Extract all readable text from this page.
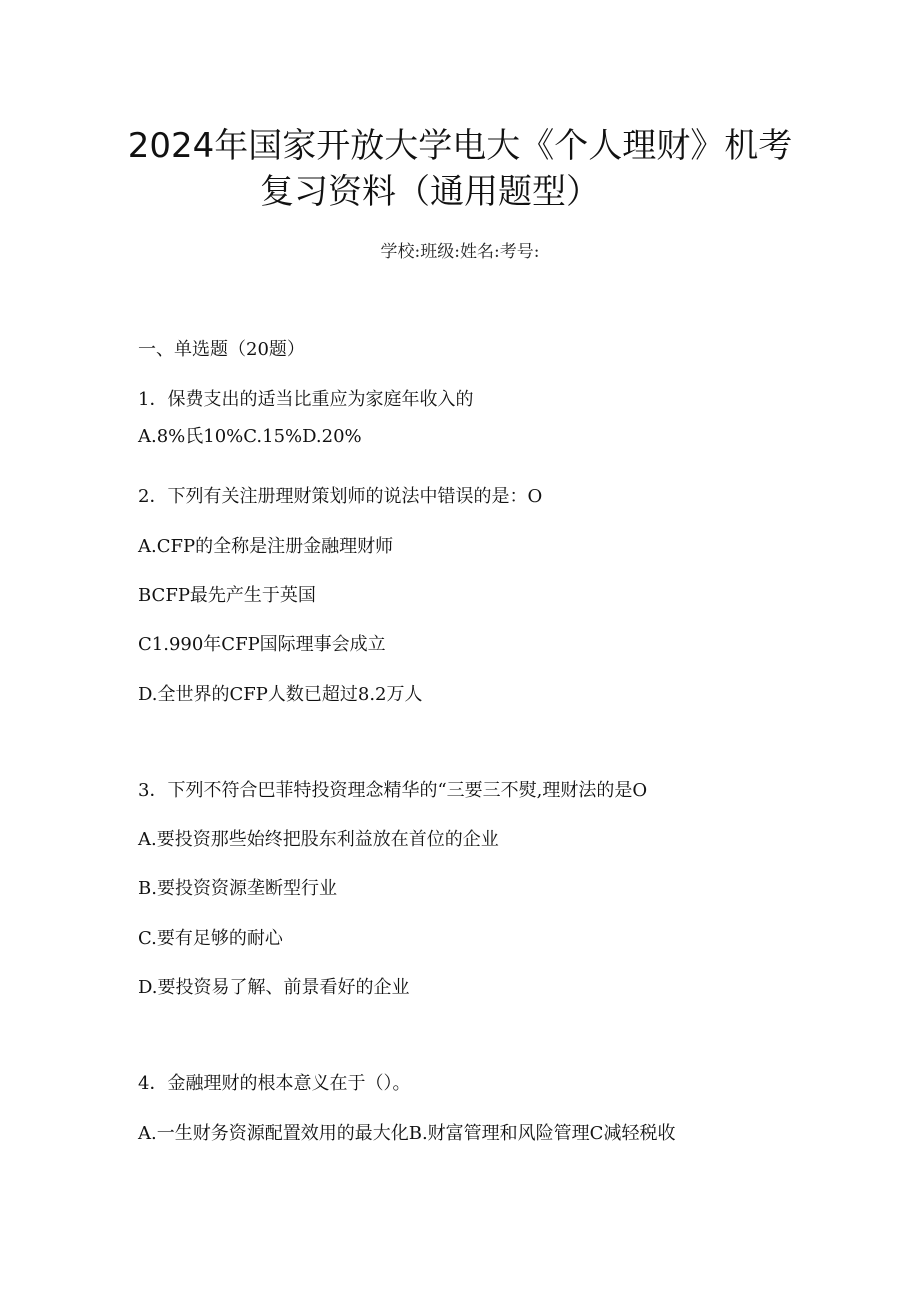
2024年国家开放大学电大《个人理财》机考
复习资料（通用题型）
学校:班级:姓名:考号:
一、单选题（20题）
1．保费支出的适当比重应为家庭年收入的
A.8%氏10%C.15%D.20%
2．下列有关注册理财策划师的说法中错误的是：O
A.CFP的全称是注册金融理财师
BCFP最先产生于英国
C1.990年CFP国际理事会成立
D.全世界的CFP人数已超过8.2万人
3．下列不符合巴菲特投资理念精华的“三要三不熨,理财法的是O
A.要投资那些始终把股东利益放在首位的企业
B.要投资资源垄断型行业
C.要有足够的耐心
D.要投资易了解、前景看好的企业
4．金融理财的根本意义在于（）。
A.一生财务资源配置效用的最大化B.财富管理和风险管理C减轻税收
